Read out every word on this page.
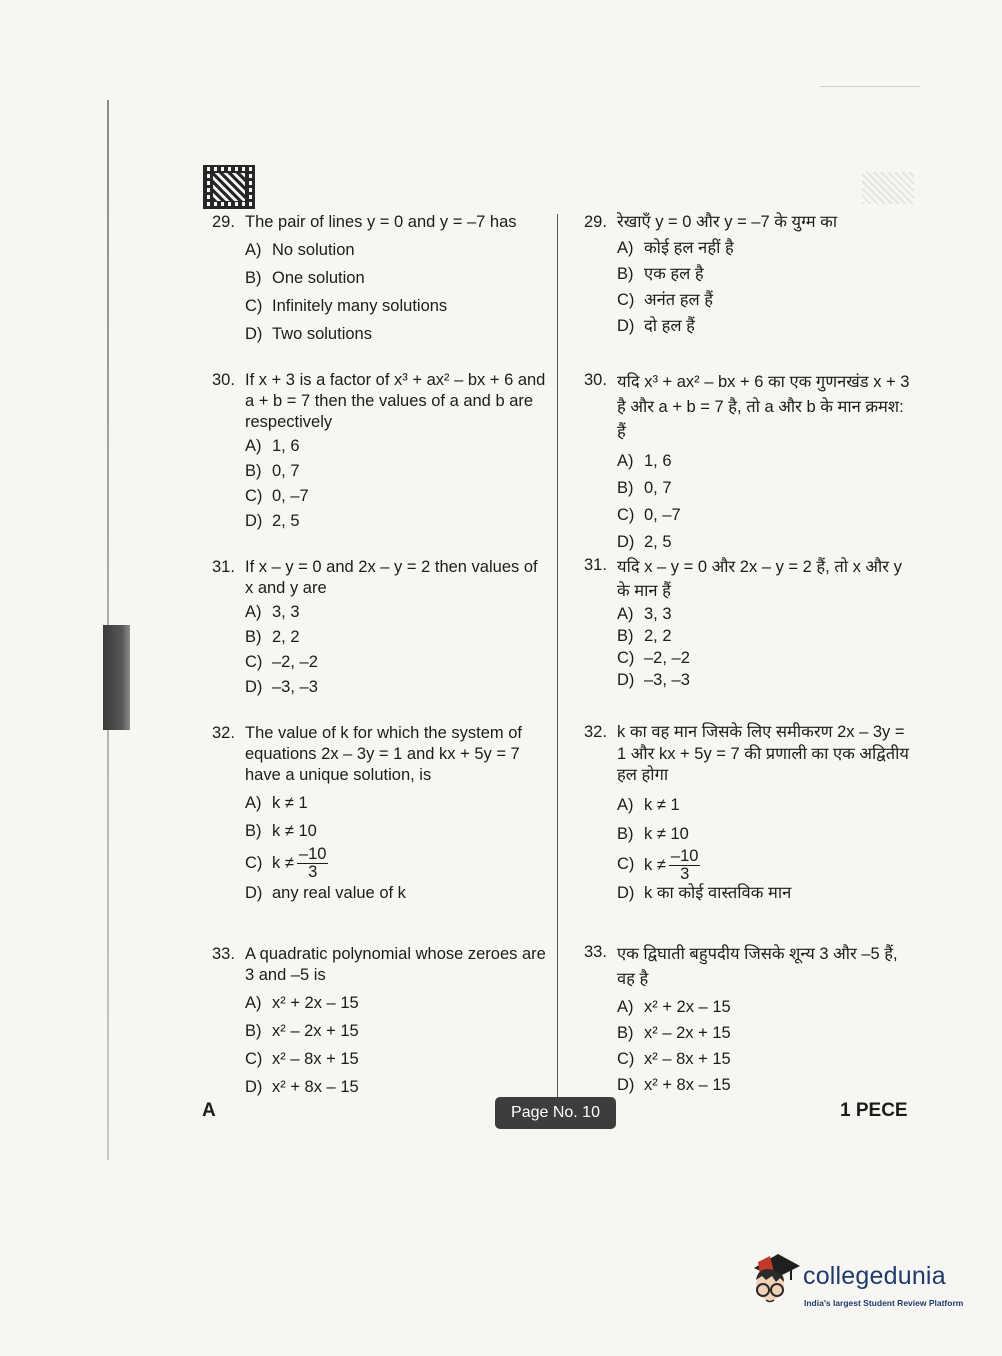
29. The pair of lines y = 0 and y = –7 has
A) No solution
B) One solution
C) Infinitely many solutions
D) Two solutions
30. If x + 3 is a factor of x³ + ax² – bx + 6 and a + b = 7 then the values of a and b are respectively
A) 1, 6
B) 0, 7
C) 0, –7
D) 2, 5
31. If x – y = 0 and 2x – y = 2 then values of x and y are
A) 3, 3
B) 2, 2
C) –2, –2
D) –3, –3
32. The value of k for which the system of equations 2x – 3y = 1 and kx + 5y = 7 have a unique solution, is
A) k ≠ 1
B) k ≠ 10
C) $k \ne \frac{-10}{3}$
D) any real value of k
33. A quadratic polynomial whose zeroes are 3 and –5 is
A) x² + 2x – 15
B) x² – 2x + 15
C) x² – 8x + 15
D) x² + 8x – 15
29. रेखाएँ y = 0 और y = –7 के युग्म का
A) कोई हल नहीं है
B) एक हल है
C) अनंत हल हैं
D) दो हल हैं
30. यदि x³ + ax² – bx + 6 का एक गुणनखंड x + 3 है और a + b = 7 है, तो a और b के मान क्रमश: हैं
A) 1, 6
B) 0, 7
C) 0, –7
D) 2, 5
31. यदि x – y = 0 और 2x – y = 2 हैं, तो x और y के मान हैं
A) 3, 3
B) 2, 2
C) –2, –2
D) –3, –3
32. k का वह मान जिसके लिए समीकरण 2x – 3y = 1 और kx + 5y = 7 की प्रणाली का एक अद्वितीय हल होगा
A) k ≠ 1
B) k ≠ 10
C) $k \ne \frac{-10}{3}$
D) k का कोई वास्तविक मान
33. एक द्विघाती बहुपदीय जिसके शून्य 3 और –5 हैं, वह है
A) x² + 2x – 15
B) x² – 2x + 15
C) x² – 8x + 15
D) x² + 8x – 15
A	Page No. 10	1 PECE
collegedunia
India's largest Student Review Platform
